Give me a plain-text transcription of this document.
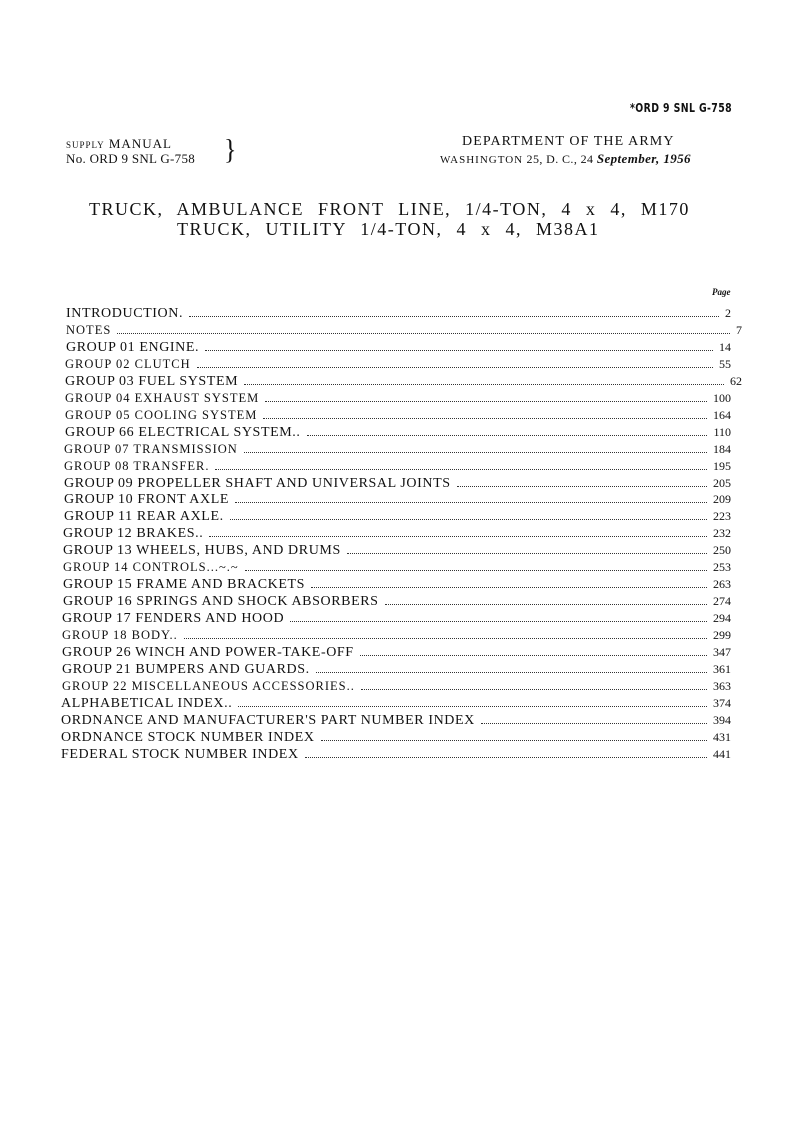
*ORD 9 SNL G-758
SUPPLY MANUAL
No. ORD 9 SNL G-758 }	DEPARTMENT OF THE ARMY
WASHINGTON 25, D. C., 24 September, 1956
TRUCK, AMBULANCE FRONT LINE, 1/4-TON, 4 x 4, M170
TRUCK, UTILITY 1/4-TON, 4 x 4, M38A1
Page
INTRODUCTION.	2
NOTES	7
GROUP 01 ENGINE.	14
GROUP 02 CLUTCH	55
GROUP 03 FUEL SYSTEM	62
GROUP 04 EXHAUST SYSTEM	100
GROUP 05 COOLING SYSTEM	164
GROUP 66 ELECTRICAL SYSTEM..	110
GROUP 07 TRANSMISSION	184
GROUP 08 TRANSFER.	195
GROUP 09 PROPELLER SHAFT AND UNIVERSAL JOINTS	205
GROUP 10 FRONT AXLE	209
GROUP 11 REAR AXLE.	223
GROUP 12 BRAKES..	232
GROUP 13 WHEELS, HUBS, AND DRUMS	250
GROUP 14 CONTROLS...~.~	253
GROUP 15 FRAME AND BRACKETS	263
GROUP 16 SPRINGS AND SHOCK ABSORBERS	274
GROUP 17 FENDERS AND HOOD	294
GROUP 18 BODY..	299
GROUP 26 WINCH AND POWER-TAKE-OFF	347
GROUP 21 BUMPERS AND GUARDS.	361
GROUP 22 MISCELLANEOUS ACCESSORIES..	363
ALPHABETICAL INDEX..	374
ORDNANCE AND MANUFACTURER'S PART NUMBER INDEX	394
ORDNANCE STOCK NUMBER INDEX	431
FEDERAL STOCK NUMBER INDEX	441
